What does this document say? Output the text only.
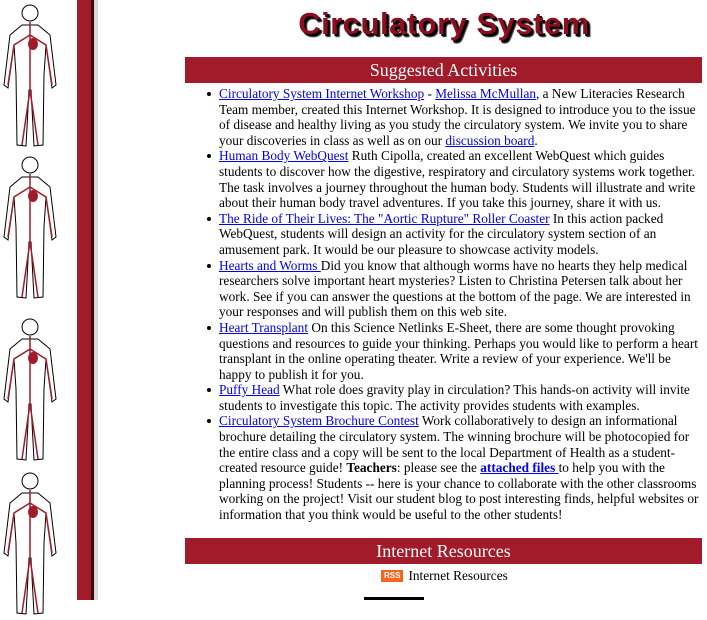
Circulatory System
Suggested Activities
Circulatory System Internet Workshop - Melissa McMullan, a New Literacies Research Team member, created this Internet Workshop. It is designed to introduce you to the issue of disease and healthy living as you study the circulatory system. We invite you to share your discoveries in class as well as on our discussion board.
Human Body WebQuest Ruth Cipolla, created an excellent WebQuest which guides students to discover how the digestive, respiratory and circulatory systems work together. The task involves a journey throughout the human body. Students will illustrate and write about their human body travel adventures. If you take this journey, share it with us.
The Ride of Their Lives: The "Aortic Rupture" Roller Coaster In this action packed WebQuest, students will design an activity for the circulatory system section of an amusement park. It would be our pleasure to showcase activity models.
Hearts and Worms Did you know that although worms have no hearts they help medical researchers solve important heart mysteries? Listen to Christina Petersen talk about her work. See if you can answer the questions at the bottom of the page. We are interested in your responses and will publish them on this web site.
Heart Transplant On this Science Netlinks E-Sheet, there are some thought provoking questions and resources to guide your thinking. Perhaps you would like to perform a heart transplant in the online operating theater. Write a review of your experience. We'll be happy to publish it for you.
Puffy Head What role does gravity play in circulation? This hands-on activity will invite students to investigate this topic. The activity provides students with examples.
Circulatory System Brochure Contest Work collaboratively to design an informational brochure detailing the circulatory system. The winning brochure will be photocopied for the entire class and a copy will be sent to the local Department of Health as a student-created resource guide! Teachers: please see the attached files to help you with the planning process! Students -- here is your chance to collaborate with the other classrooms working on the project! Visit our student blog to post interesting finds, helpful websites or information that you think would be useful to the other students!
Internet Resources
RSS Internet Resources
